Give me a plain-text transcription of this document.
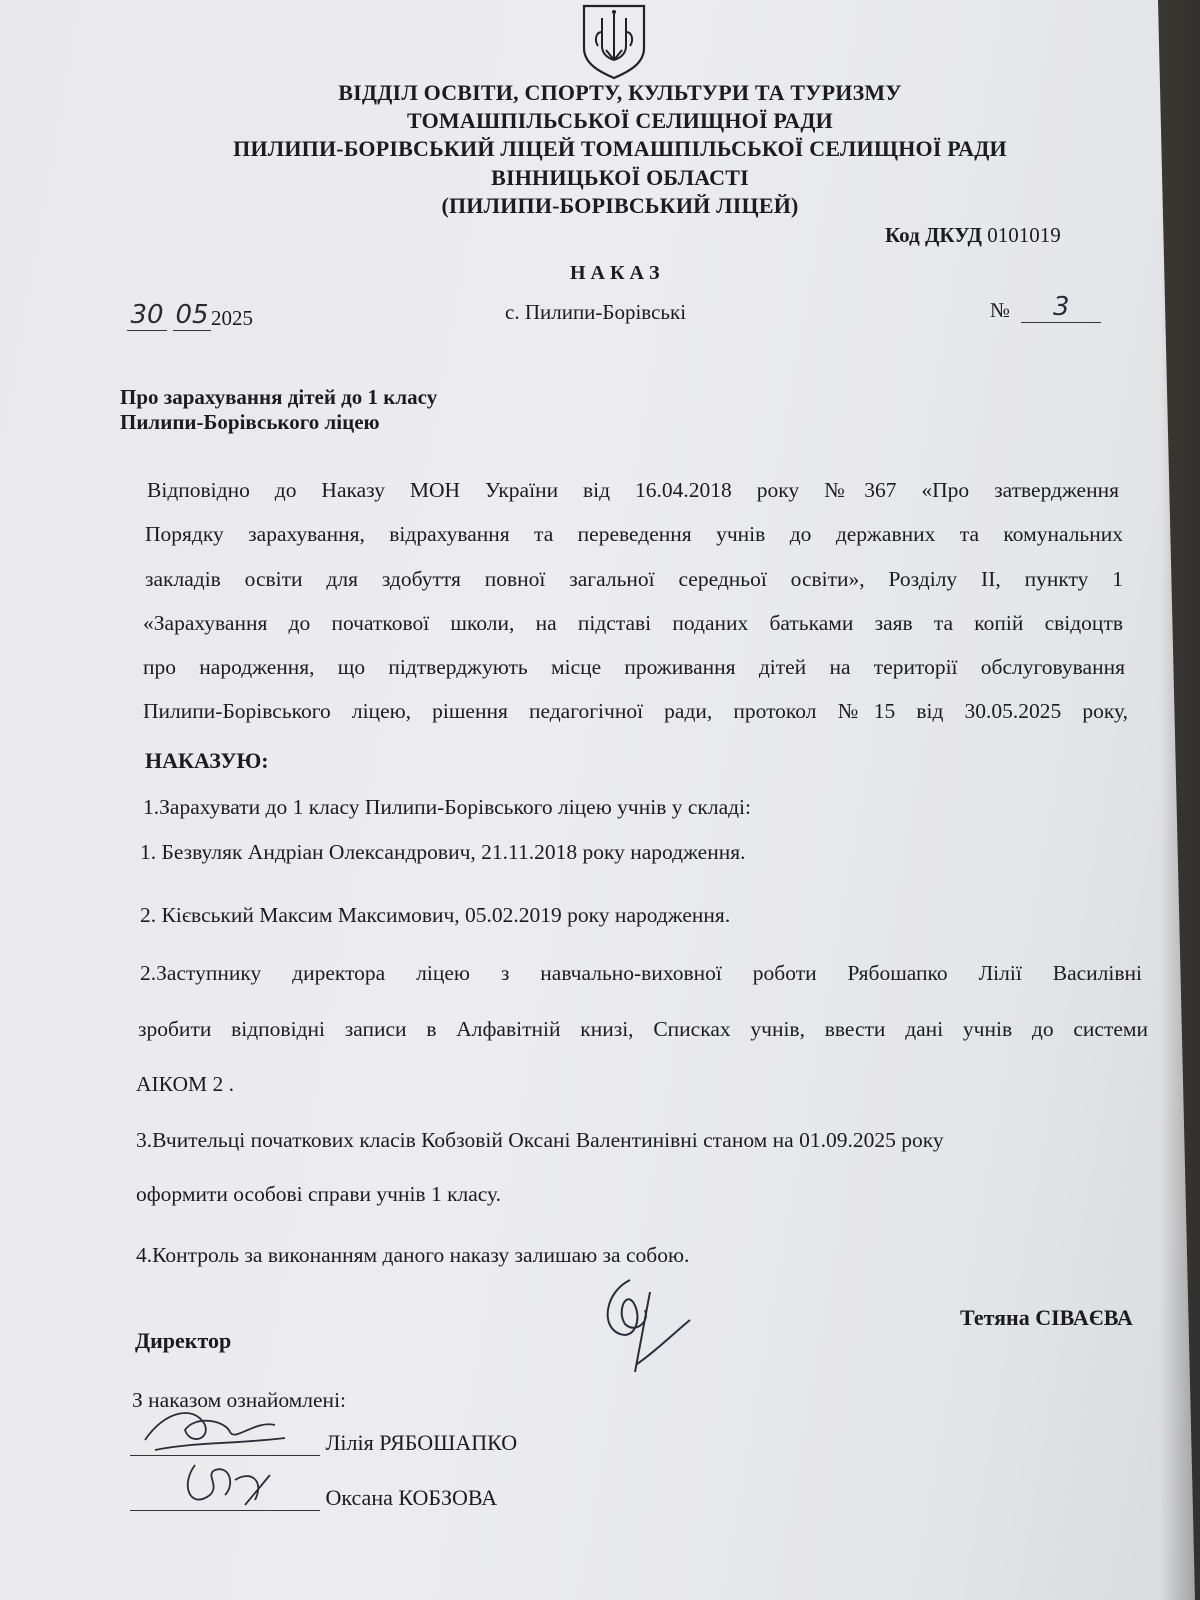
ВІДДІЛ ОСВІТИ, СПОРТУ, КУЛЬТУРИ ТА ТУРИЗМУ
ТОМАШПІЛЬСЬКОЇ СЕЛИЩНОЇ РАДИ
ПИЛИПИ-БОРІВСЬКИЙ ЛІЦЕЙ ТОМАШПІЛЬСЬКОЇ СЕЛИЩНОЇ РАДИ
ВІННИЦЬКОЇ ОБЛАСТІ
(ПИЛИПИ-БОРІВСЬКИЙ ЛІЦЕЙ)
Код ДКУД 0101019
Н А К А З
30 05 2025	с. Пилипи-Борівські	№ 3
Про зарахування дітей до 1 класу
Пилипи-Борівського ліцею
Відповідно до Наказу МОН України від 16.04.2018 року №367 «Про затвердження
Порядку зарахування, відрахування та переведення учнів до державних та комунальних
закладів освіти для здобуття повної загальної середньої освіти», Розділу ІІ, пункту 1
«Зарахування до початкової школи, на підставі поданих батьками заяв та копій свідоцтв
про народження, що підтверджують місце проживання дітей на території обслуговування
Пилипи-Борівського ліцею, рішення педагогічної ради, протокол №15 від 30.05.2025 року,
НАКАЗУЮ:
1.Зарахувати до 1 класу Пилипи-Борівського ліцею учнів у складі:
1. Безвуляк Андріан Олександрович, 21.11.2018 року народження.
2. Кієвський Максим Максимович, 05.02.2019 року народження.
2.Заступнику директора ліцею з навчально-виховної роботи Рябошапко Лілії Василівні
зробити відповідні записи в Алфавітній книзі, Списках учнів, ввести дані учнів до системи
АІКОМ 2 .
3.Вчительці початкових класів Кобзовій Оксані Валентинівні станом на 01.09.2025 року
оформити особові справи учнів 1 класу.
4.Контроль за виконанням даного наказу залишаю за собою.
Директор
Тетяна СІВАЄВА
З наказом ознайомлені:
Лілія РЯБОШАПКО
Оксана КОБЗОВА
